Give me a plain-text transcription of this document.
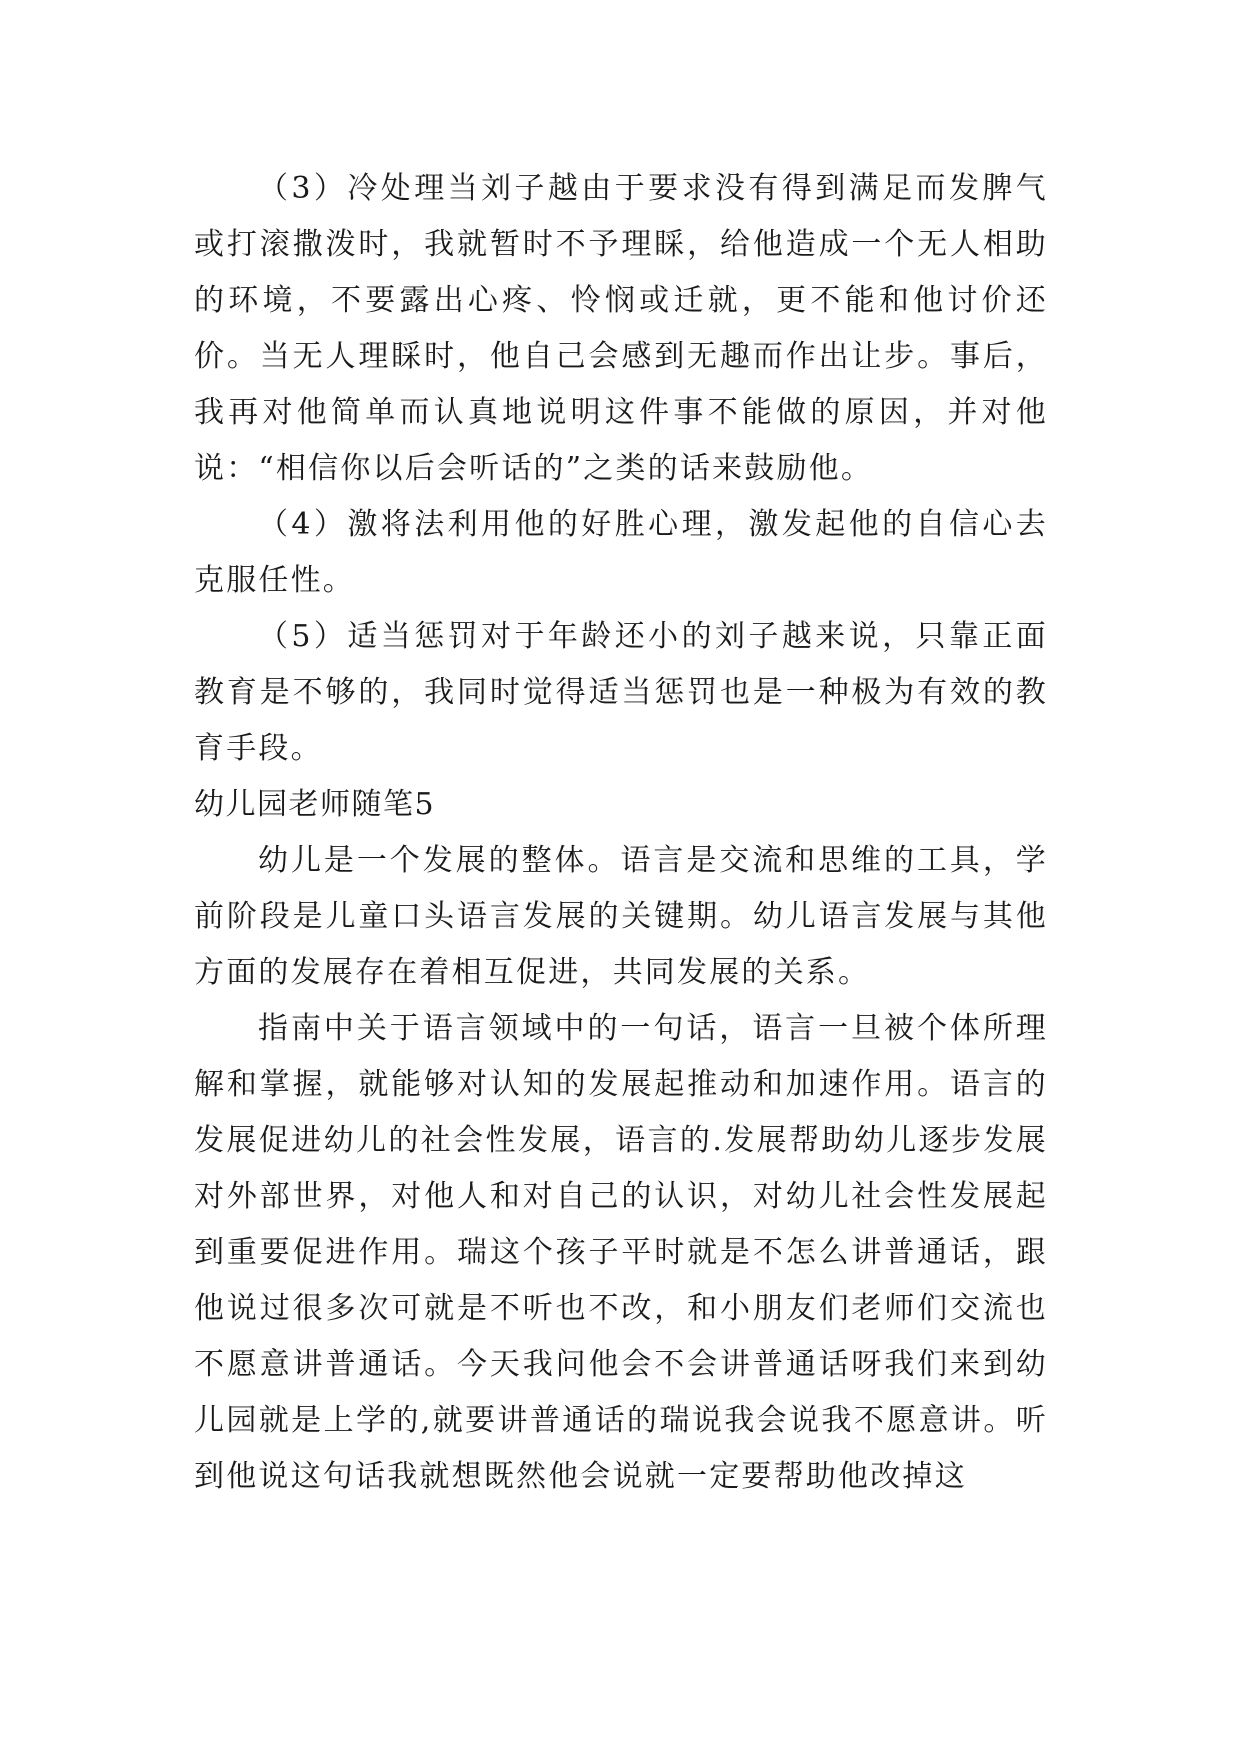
（3）冷处理当刘子越由于要求没有得到满足而发脾气或打滚撒泼时，我就暂时不予理睬，给他造成一个无人相助的环境，不要露出心疼、怜悯或迁就，更不能和他讨价还价。当无人理睬时，他自己会感到无趣而作出让步。事后，我再对他简单而认真地说明这件事不能做的原因，并对他说：“相信你以后会听话的”之类的话来鼓励他。

（4）激将法利用他的好胜心理，激发起他的自信心去克服任性。

（5）适当惩罚对于年龄还小的刘子越来说，只靠正面教育是不够的，我同时觉得适当惩罚也是一种极为有效的教育手段。

幼儿园老师随笔5

幼儿是一个发展的整体。语言是交流和思维的工具，学前阶段是儿童口头语言发展的关键期。幼儿语言发展与其他方面的发展存在着相互促进，共同发展的关系。

指南中关于语言领域中的一句话，语言一旦被个体所理解和掌握，就能够对认知的发展起推动和加速作用。语言的发展促进幼儿的社会性发展，语言的.发展帮助幼儿逐步发展对外部世界，对他人和对自己的认识，对幼儿社会性发展起到重要促进作用。瑞这个孩子平时就是不怎么讲普通话，跟他说过很多次可就是不听也不改，和小朋友们老师们交流也不愿意讲普通话。今天我问他会不会讲普通话呀我们来到幼儿园就是上学的,就要讲普通话的瑞说我会说我不愿意讲。听到他说这句话我就想既然他会说就一定要帮助他改掉这
